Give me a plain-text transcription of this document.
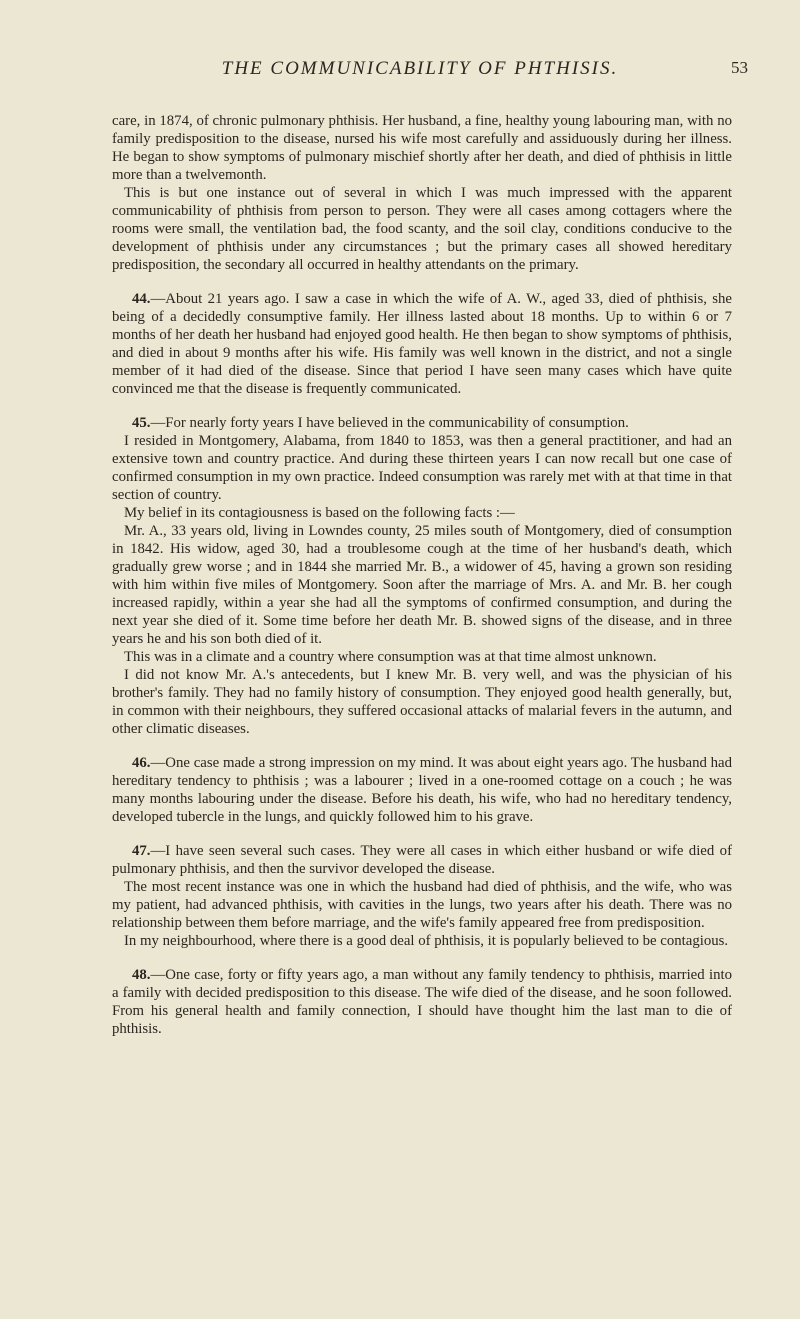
THE COMMUNICABILITY OF PHTHISIS.	53

care, in 1874, of chronic pulmonary phthisis. Her husband, a fine, healthy young labouring man, with no family predisposition to the disease, nursed his wife most carefully and assiduously during her illness. He began to show symptoms of pulmonary mischief shortly after her death, and died of phthisis in little more than a twelvemonth.

This is but one instance out of several in which I was much impressed with the apparent communicability of phthisis from person to person. They were all cases among cottagers where the rooms were small, the ventilation bad, the food scanty, and the soil clay, conditions conducive to the development of phthisis under any circumstances ; but the primary cases all showed hereditary predisposition, the secondary all occurred in healthy attendants on the primary.

44.—About 21 years ago. I saw a case in which the wife of A. W., aged 33, died of phthisis, she being of a decidedly consumptive family. Her illness lasted about 18 months. Up to within 6 or 7 months of her death her husband had enjoyed good health. He then began to show symptoms of phthisis, and died in about 9 months after his wife. His family was well known in the district, and not a single member of it had died of the disease. Since that period I have seen many cases which have quite convinced me that the disease is frequently communicated.

45.—For nearly forty years I have believed in the communicability of consumption.

I resided in Montgomery, Alabama, from 1840 to 1853, was then a general practitioner, and had an extensive town and country practice. And during these thirteen years I can now recall but one case of confirmed consumption in my own practice. Indeed consumption was rarely met with at that time in that section of country.

My belief in its contagiousness is based on the following facts :—

Mr. A., 33 years old, living in Lowndes county, 25 miles south of Montgomery, died of consumption in 1842. His widow, aged 30, had a troublesome cough at the time of her husband's death, which gradually grew worse ; and in 1844 she married Mr. B., a widower of 45, having a grown son residing with him within five miles of Montgomery. Soon after the marriage of Mrs. A. and Mr. B. her cough increased rapidly, within a year she had all the symptoms of confirmed consumption, and during the next year she died of it. Some time before her death Mr. B. showed signs of the disease, and in three years he and his son both died of it.

This was in a climate and a country where consumption was at that time almost unknown.

I did not know Mr. A.'s antecedents, but I knew Mr. B. very well, and was the physician of his brother's family. They had no family history of consumption. They enjoyed good health generally, but, in common with their neighbours, they suffered occasional attacks of malarial fevers in the autumn, and other climatic diseases.

46.—One case made a strong impression on my mind. It was about eight years ago. The husband had hereditary tendency to phthisis ; was a labourer ; lived in a one-roomed cottage on a couch ; he was many months labouring under the disease. Before his death, his wife, who had no hereditary tendency, developed tubercle in the lungs, and quickly followed him to his grave.

47.—I have seen several such cases. They were all cases in which either husband or wife died of pulmonary phthisis, and then the survivor developed the disease.

The most recent instance was one in which the husband had died of phthisis, and the wife, who was my patient, had advanced phthisis, with cavities in the lungs, two years after his death. There was no relationship between them before marriage, and the wife's family appeared free from predisposition.

In my neighbourhood, where there is a good deal of phthisis, it is popularly believed to be contagious.

48.—One case, forty or fifty years ago, a man without any family tendency to phthisis, married into a family with decided predisposition to this disease. The wife died of the disease, and he soon followed. From his general health and family connection, I should have thought him the last man to die of phthisis.
